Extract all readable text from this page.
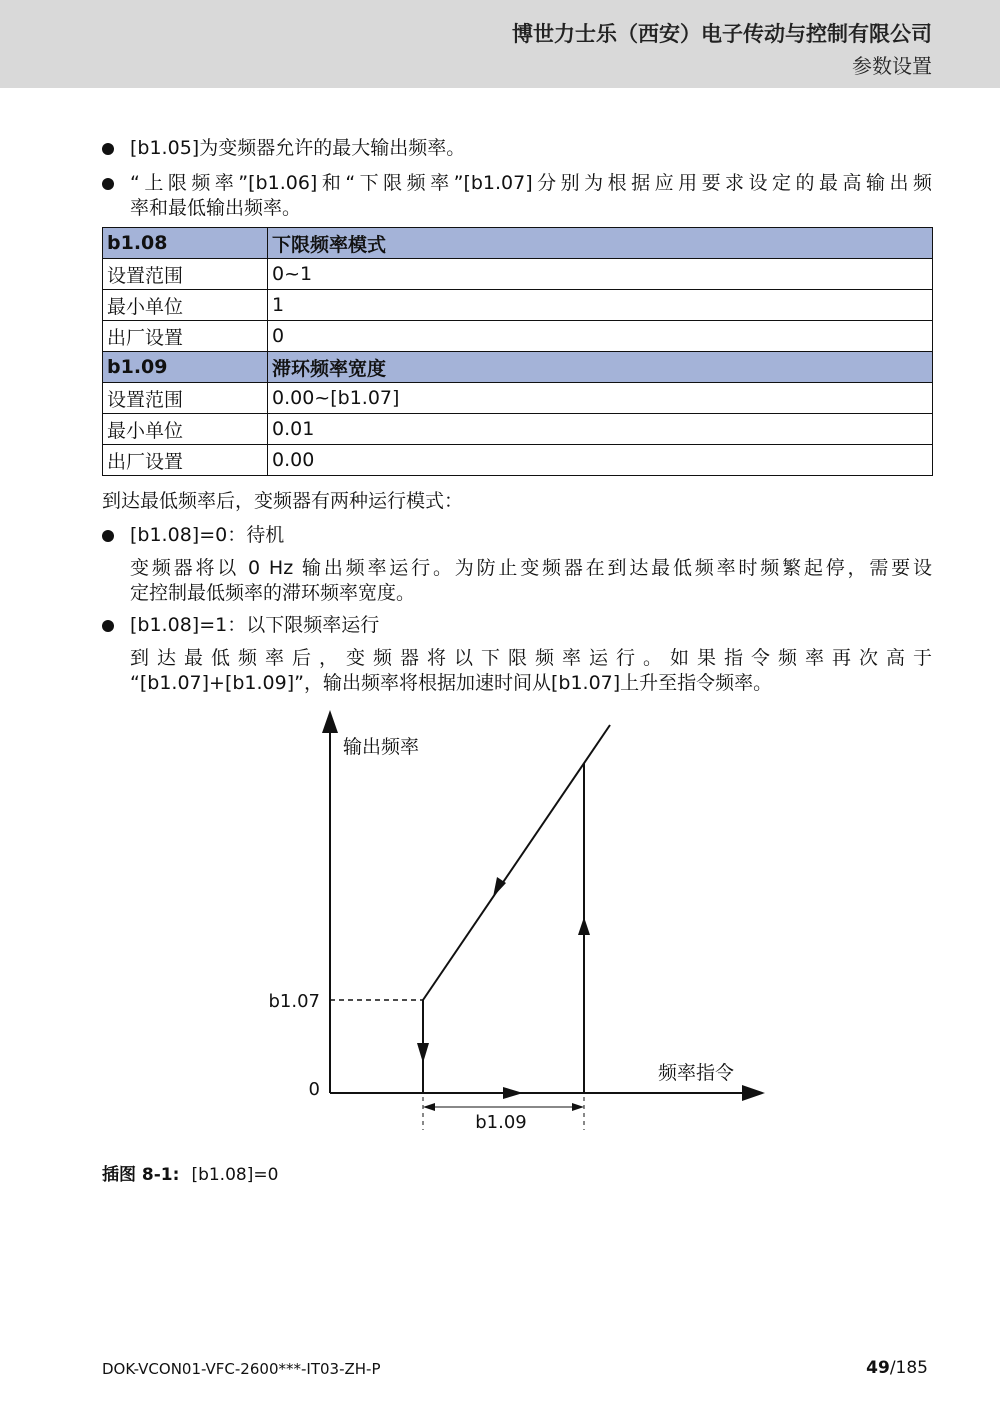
博世力士乐（西安）电子传动与控制有限公司
参数设置
[b1.05]为变频器允许的最大输出频率。
“上限频率”[b1.06]和“下限频率”[b1.07]分别为根据应用要求设定的最高输出频
率和最低输出频率。
b1.08	下限频率模式
设置范围	0~1
最小单位	1
出厂设置	0
b1.09	滞环频率宽度
设置范围	0.00~[b1.07]
最小单位	0.01
出厂设置	0.00
到达最低频率后，变频器有两种运行模式：
[b1.08]=0：待机
变频器将以 0 Hz 输出频率运行。为防止变频器在到达最低频率时频繁起停，需要设
定控制最低频率的滞环频率宽度。
[b1.08]=1：以下限频率运行
到达最低频率后，变频器将以下限频率运行。如果指令频率再次高于
“[b1.07]+[b1.09]”，输出频率将根据加速时间从[b1.07]上升至指令频率。
输出频率
频率指令
b1.07
0
b1.09
插图 8-1: [b1.08]=0
DOK-VCON01-VFC-2600***-IT03-ZH-P	49/185
